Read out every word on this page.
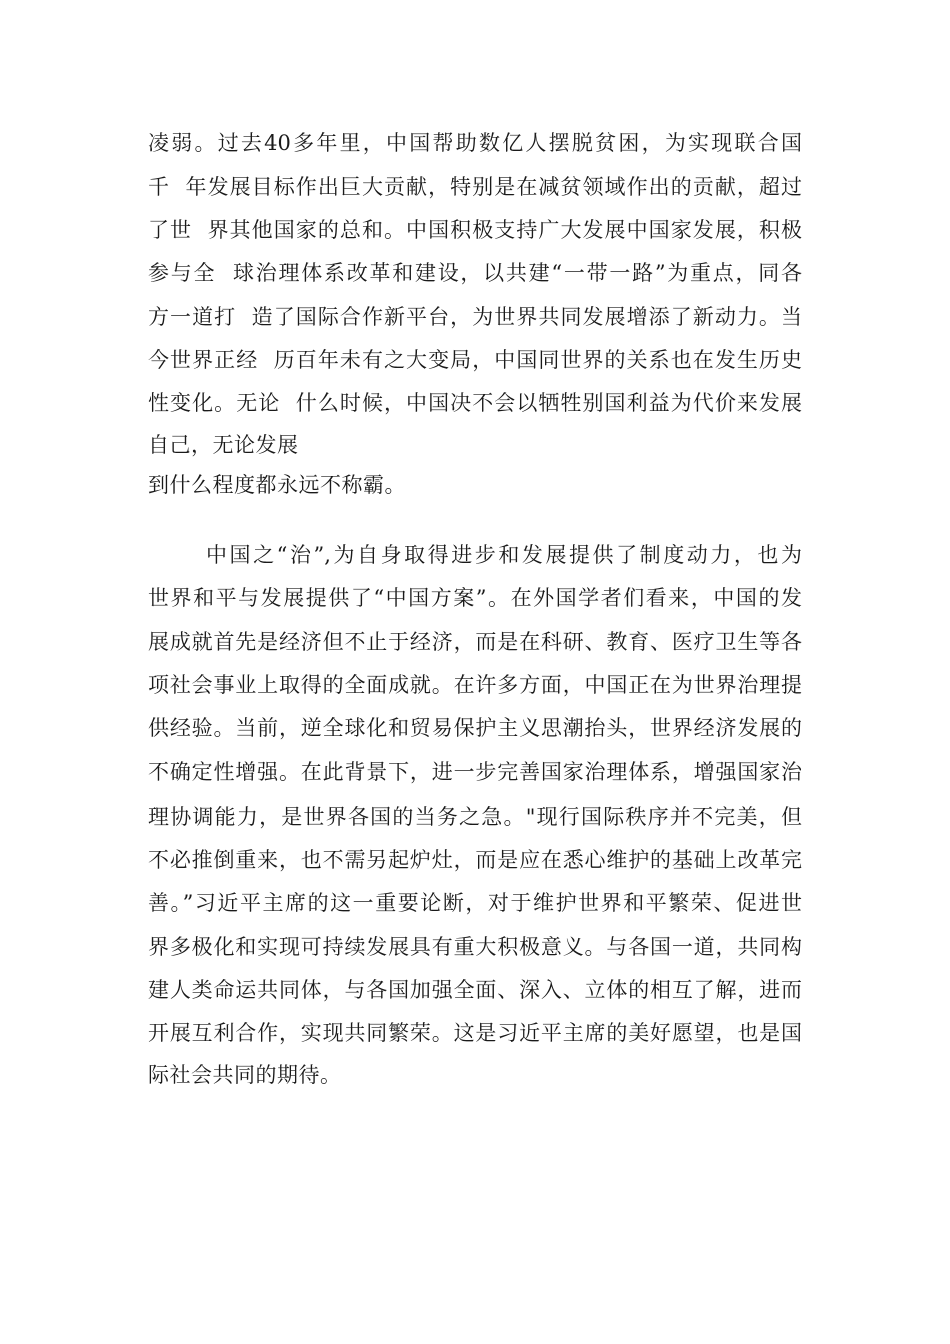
凌弱。过去40多年里，中国帮助数亿人摆脱贫困，为实现联合国
千  年发展目标作出巨大贡献，特别是在减贫领域作出的贡献，超过
了世  界其他国家的总和。中国积极支持广大发展中国家发展，积极
参与全  球治理体系改革和建设，以共建“一带一路”为重点，同各
方一道打  造了国际合作新平台，为世界共同发展增添了新动力。当
今世界正经  历百年未有之大变局，中国同世界的关系也在发生历史
性变化。无论  什么时候，中国决不会以牺牲别国利益为代价来发展
自己，无论发展
到什么程度都永远不称霸。
中国之“治”,为自身取得进步和发展提供了制度动力，也为
世界和平与发展提供了“中国方案”。在外国学者们看来，中国的发
展成就首先是经济但不止于经济，而是在科研、教育、医疗卫生等各
项社会事业上取得的全面成就。在许多方面，中国正在为世界治理提
供经验。当前，逆全球化和贸易保护主义思潮抬头，世界经济发展的
不确定性增强。在此背景下，进一步完善国家治理体系，增强国家治
理协调能力，是世界各国的当务之急。"现行国际秩序并不完美，但
不必推倒重来，也不需另起炉灶，而是应在悉心维护的基础上改革完
善。”习近平主席的这一重要论断，对于维护世界和平繁荣、促进世
界多极化和实现可持续发展具有重大积极意义。与各国一道，共同构
建人类命运共同体，与各国加强全面、深入、立体的相互了解，进而
开展互利合作，实现共同繁荣。这是习近平主席的美好愿望，也是国
际社会共同的期待。
